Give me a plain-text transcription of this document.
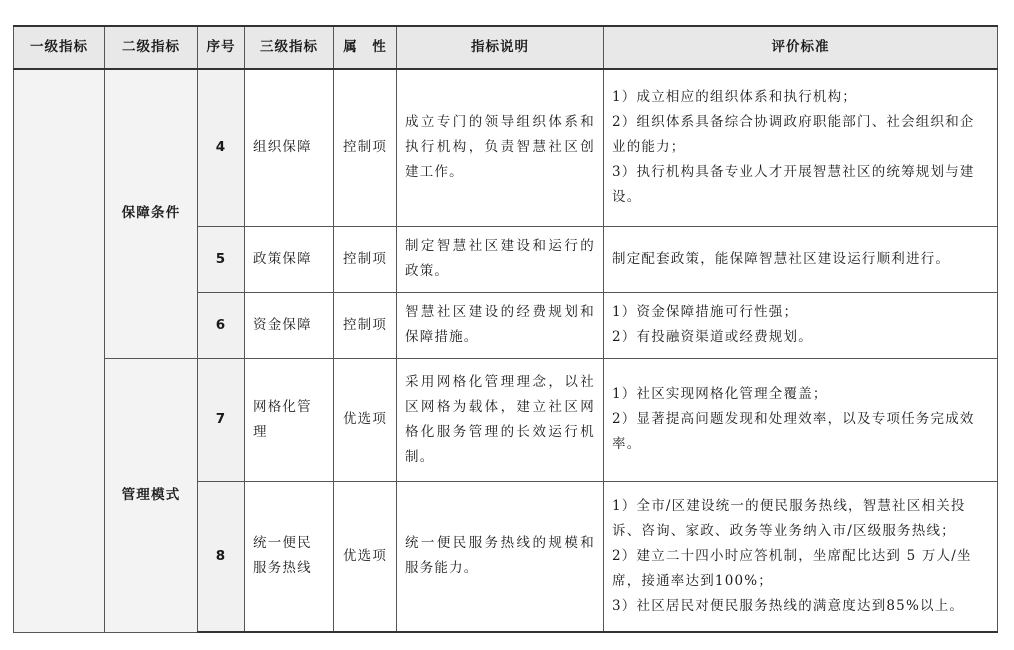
一级指标	二级指标	序号	三级指标	属　性	指标说明	评价标准
	保障条件	4	组织保障	控制项	成立专门的领导组织体系和执行机构，负责智慧社区创建工作。	1）成立相应的组织体系和执行机构；
2）组织体系具备综合协调政府职能部门、社会组织和企业的能力；
3）执行机构具备专业人才开展智慧社区的统筹规划与建设。

		5	政策保障	控制项	制定智慧社区建设和运行的政策。	制定配套政策，能保障智慧社区建设运行顺利进行。

		6	资金保障	控制项	智慧社区建设的经费规划和保障措施。	1）资金保障措施可行性强；
2）有投融资渠道或经费规划。

	管理模式	7	网格化管理	优选项	采用网格化管理理念，以社区网格为载体，建立社区网格化服务管理的长效运行机制。	1）社区实现网格化管理全覆盖；
2）显著提高问题发现和处理效率，以及专项任务完成效率。

		8	统一便民服务热线	优选项	统一便民服务热线的规模和服务能力。	1）全市/区建设统一的便民服务热线，智慧社区相关投诉、咨询、家政、政务等业务纳入市/区级服务热线；
2）建立二十四小时应答机制，坐席配比达到 5 万人/坐席，接通率达到100%；
3）社区居民对便民服务热线的满意度达到85%以上。
